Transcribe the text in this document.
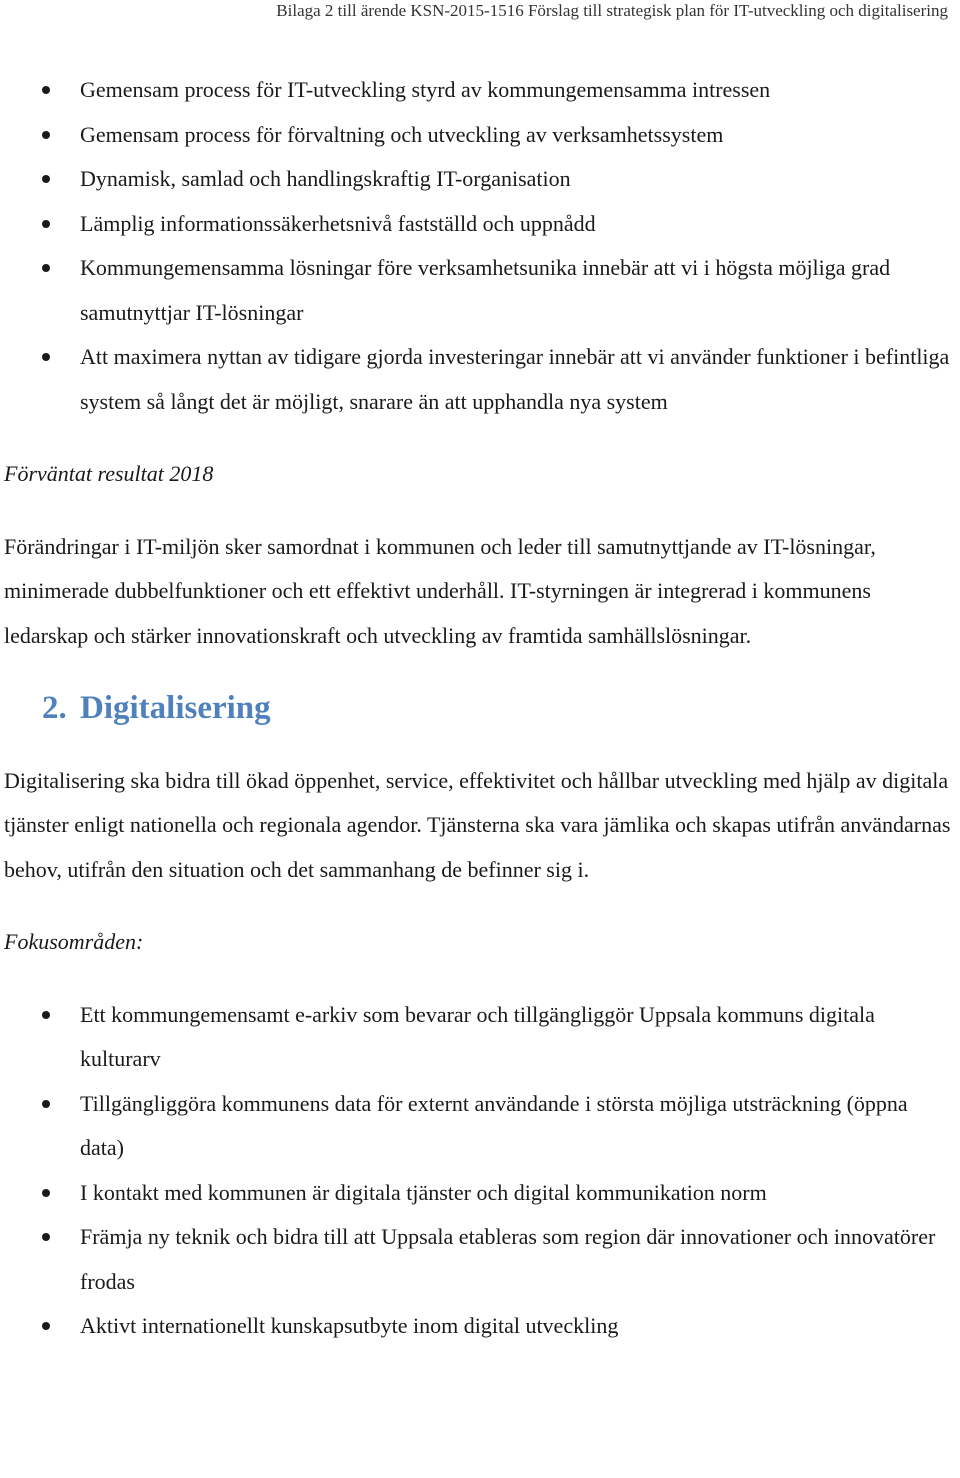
Bilaga 2 till ärende KSN-2015-1516 Förslag till strategisk plan för IT-utveckling och digitalisering
Gemensam process för IT-utveckling styrd av kommungemensamma intressen
Gemensam process för förvaltning och utveckling av verksamhetssystem
Dynamisk, samlad och handlingskraftig IT-organisation
Lämplig informationssäkerhetsnivå fastställd och uppnådd
Kommungemensamma lösningar före verksamhetsunika innebär att vi i högsta möjliga grad samutnyttjar IT-lösningar
Att maximera nyttan av tidigare gjorda investeringar innebär att vi använder funktioner i befintliga system så långt det är möjligt, snarare än att upphandla nya system

Förväntat resultat 2018

Förändringar i IT-miljön sker samordnat i kommunen och leder till samutnyttjande av IT-lösningar, minimerade dubbelfunktioner och ett effektivt underhåll. IT-styrningen är integrerad i kommunens ledarskap och stärker innovationskraft och utveckling av framtida samhällslösningar.

2. Digitalisering

Digitalisering ska bidra till ökad öppenhet, service, effektivitet och hållbar utveckling med hjälp av digitala tjänster enligt nationella och regionala agendor. Tjänsterna ska vara jämlika och skapas utifrån användarnas behov, utifrån den situation och det sammanhang de befinner sig i.

Fokusområden:

Ett kommungemensamt e-arkiv som bevarar och tillgängliggör Uppsala kommuns digitala kulturarv
Tillgängliggöra kommunens data för externt användande i största möjliga utsträckning (öppna data)
I kontakt med kommunen är digitala tjänster och digital kommunikation norm
Främja ny teknik och bidra till att Uppsala etableras som region där innovationer och innovatörer frodas
Aktivt internationellt kunskapsutbyte inom digital utveckling
